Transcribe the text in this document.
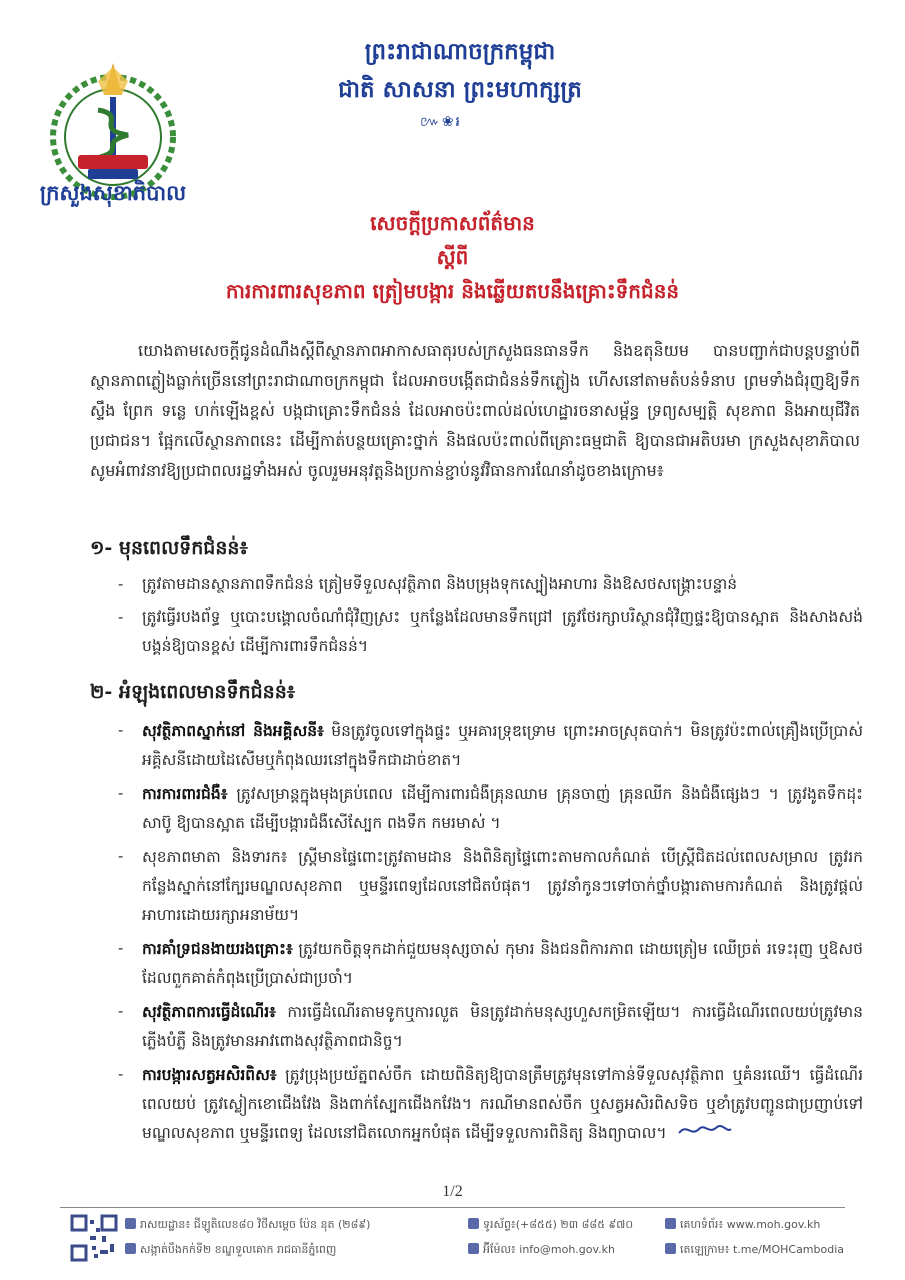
ក្រសួងសុខាភិបាល
ព្រះរាជាណាចក្រកម្ពុជា
ជាតិ សាសនា ព្រះមហាក្សត្រ
៚❀៛
សេចក្តីប្រកាសព័ត៌មាន
ស្តីពី
ការការពារសុខភាព ត្រៀមបង្ការ និងឆ្លើយតបនឹងគ្រោះទឹកជំនន់
យោងតាមសេចក្តីជូនដំណឹងស្តីពីស្ថានភាពអាកាសធាតុរបស់ក្រសួងធនធានទឹក និងឧតុនិយម បានបញ្ជាក់ជាបន្តបន្ទាប់ពីស្ថានភាពភ្លៀងធ្លាក់ច្រើននៅព្រះរាជាណាចក្រកម្ពុជា ដែលអាចបង្កើតជាជំនន់ទឹកភ្លៀង ហើសនៅតាមតំបន់ទំនាប ព្រមទាំងជំរុញឱ្យទឹកស្ទឹង ព្រែក ទន្លេ ហក់ឡើងខ្ពស់ បង្កជាគ្រោះទឹកជំនន់ ដែលអាចប៉ះពាល់ដល់ហេដ្ឋារចនាសម្ព័ន្ធ ទ្រព្យសម្បត្តិ សុខភាព និងអាយុជីវិតប្រជាជន។ ផ្អែកលើស្ថានភាពនេះ ដើម្បីកាត់បន្ថយគ្រោះថ្នាក់ និងផលប៉ះពាល់ពីគ្រោះធម្មជាតិ ឱ្យបានជាអតិបរមា ក្រសួងសុខាភិបាលសូមអំពាវនាវឱ្យប្រជាពលរដ្ឋទាំងអស់ ចូលរួមអនុវត្តនិងប្រកាន់ខ្ជាប់នូវវិធានការណែនាំដូចខាងក្រោម៖
១- មុនពេលទឹកជំនន់៖
- ត្រូវតាមដានស្ថានភាពទឹកជំនន់ ត្រៀមទីទួលសុវត្ថិភាព និងបម្រុងទុកស្បៀងអាហារ និងឱសថសង្គ្រោះបន្ទាន់
- ត្រូវធ្វើរបងព័ទ្ធ ឬបោះបង្គោលចំណាំជុំវិញស្រះ ឬកន្លែងដែលមានទឹកជ្រៅ ត្រូវថែរក្សាបរិស្ថានជុំវិញផ្ទះឱ្យបានស្អាត និងសាងសង់បង្គន់ឱ្យបានខ្ពស់ ដើម្បីការពារទឹកជំនន់។
២- អំឡុងពេលមានទឹកជំនន់៖
- សុវត្ថិភាពស្នាក់នៅ និងអគ្គិសនី៖ មិនត្រូវចូលទៅក្នុងផ្ទះ ឬអគារទ្រុឌទ្រោម ព្រោះអាចស្រុតបាក់។ មិនត្រូវប៉ះពាល់គ្រឿងប្រើប្រាស់អគ្គិសនីដោយដៃសើមឬកំពុងឈរនៅក្នុងទឹកជាដាច់ខាត។
- ការការពារជំងឺ៖ ត្រូវសម្រាន្តក្នុងមុងគ្រប់ពេល ដើម្បីការពារជំងឺគ្រុនឈាម គ្រុនចាញ់ គ្រុនឈីក និងជំងឺផ្សេងៗ ។ ត្រូវងូតទឹកដុះសាប៊ូ ឱ្យបានស្អាត ដើម្បីបង្ការជំងឺសើស្បែក ពងទឹក កមរមាស់ ។
- សុខភាពមាតា និងទារក៖ ស្ត្រីមានផ្ទៃពោះត្រូវតាមដាន និងពិនិត្យផ្ទៃពោះតាមកាលកំណត់ បើស្ត្រីជិតដល់ពេលសម្រាល ត្រូវរកកន្លែងស្នាក់នៅក្បែរមណ្ឌលសុខភាព ឬមន្ទីរពេទ្យដែលនៅជិតបំផុត។ ត្រូវនាំកូនៗទៅចាក់ថ្នាំបង្ការតាមការកំណត់ និងត្រូវផ្តល់អាហារដោយរក្សាអនាម័យ។
- ការគាំទ្រជនងាយរងគ្រោះ៖ ត្រូវយកចិត្តទុកដាក់ជួយមនុស្សចាស់ កុមារ និងជនពិការភាព ដោយត្រៀម ឈើច្រត់ រទេះរុញ ឬឱសថដែលពួកគាត់កំពុងប្រើប្រាស់ជាប្រចាំ។
- សុវត្ថិភាពការធ្វើដំណើរ៖ ការធ្វើដំណើរតាមទូកឬការលួត មិនត្រូវដាក់មនុស្សហួសកម្រិតឡើយ។ ការធ្វើដំណើរពេលយប់ត្រូវមានភ្លើងបំភ្លឺ និងត្រូវមានអាវពោងសុវត្ថិភាពជានិច្ច។
- ការបង្ការសត្វអសិរពិស៖ ត្រូវប្រុងប្រយ័ត្នពស់ចឹក ដោយពិនិត្យឱ្យបានត្រឹមត្រូវមុនទៅកាន់ទីទួលសុវត្ថិភាព ឬគំនរឈើ។ ធ្វើដំណើរពេលយប់ ត្រូវស្លៀកខោជើងវែង និងពាក់ស្បែកជើងកវែង។ ករណីមានពស់ចឹក ឬសត្វអសិរពិសទិច ឬខាំត្រូវបញ្ជូនជាប្រញាប់ទៅមណ្ឌលសុខភាព ឬមន្ទីរពេទ្យ ដែលនៅជិតលោកអ្នកបំផុត ដើម្បីទទួលការពិនិត្យ និងព្យាបាល។
1/2
រាសយដ្ឋាន៖ ជីឡូតិលេខ៨០ វិថីសម្តេច ប៉ែន នុត (២៨៩)
សង្កាត់បឹងកក់ទី២ ខណ្ឌទួលគោក រាជធានីភ្នំពេញ
ទូរស័ព្ទ៖(+៨៥៥) ២៣ ៨៨៥ ៩៧០
អ៊ីម៉ែល៖ info@moh.gov.kh
គេហទំព័រ៖ www.moh.gov.kh
តេឡេក្រាម៖ t.me/MOHCambodia
